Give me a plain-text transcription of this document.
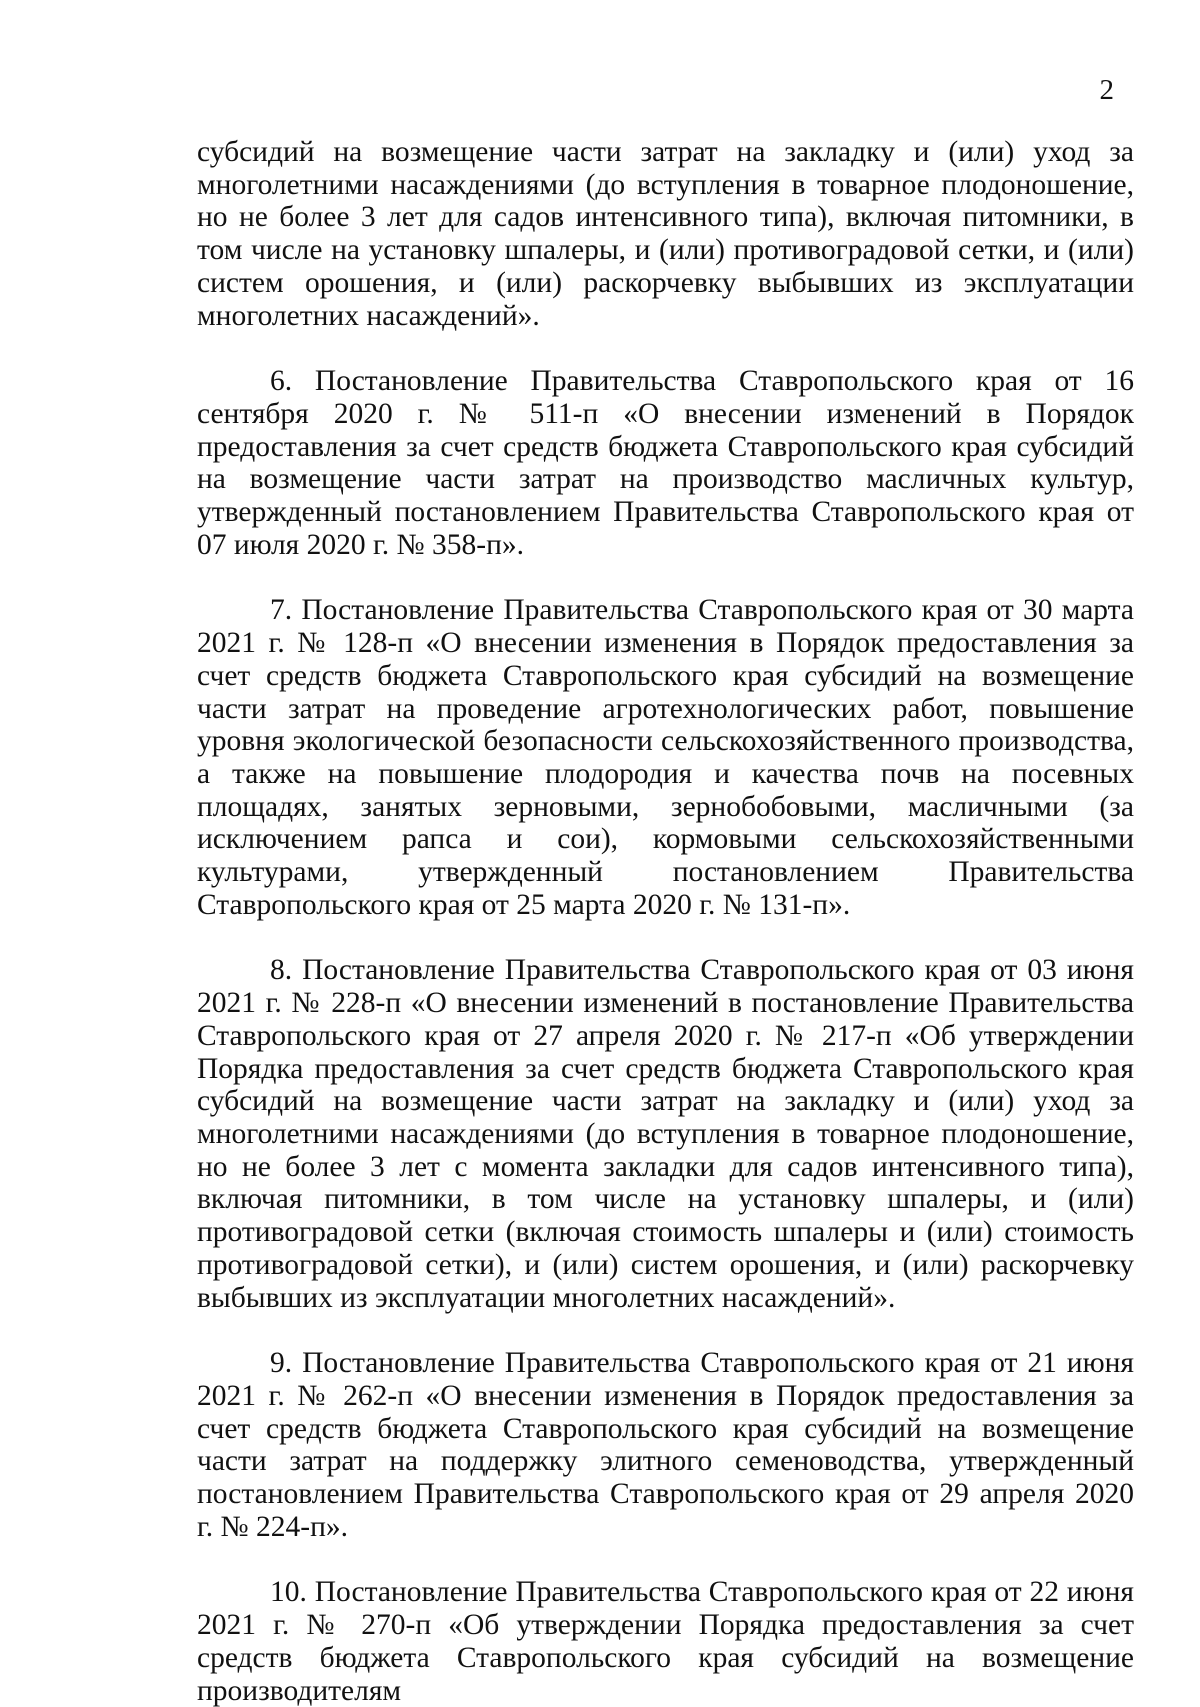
2

субсидий на возмещение части затрат на закладку и (или) уход за многолетними насаждениями (до вступления в товарное плодоношение, но не более 3 лет для садов интенсивного типа), включая питомники, в том числе на установку шпалеры, и (или) противоградовой сетки, и (или) систем орошения, и (или) раскорчевку выбывших из эксплуатации многолетних насаждений».

6. Постановление Правительства Ставропольского края от 16 сентября 2020 г. № 511-п «О внесении изменений в Порядок предоставления за счет средств бюджета Ставропольского края субсидий на возмещение части затрат на производство масличных культур, утвержденный постановлением Правительства Ставропольского края от 07 июля 2020 г. № 358-п».

7. Постановление Правительства Ставропольского края от 30 марта 2021 г. № 128-п «О внесении изменения в Порядок предоставления за счет средств бюджета Ставропольского края субсидий на возмещение части затрат на проведение агротехнологических работ, повышение уровня экологической безопасности сельскохозяйственного производства, а также на повышение плодородия и качества почв на посевных площадях, занятых зерновыми, зернобобовыми, масличными (за исключением рапса и сои), кормовыми сельскохозяйственными культурами, утвержденный постановлением Правительства Ставропольского края от 25 марта 2020 г. № 131-п».

8. Постановление Правительства Ставропольского края от 03 июня 2021 г. № 228-п «О внесении изменений в постановление Правительства Ставропольского края от 27 апреля 2020 г. № 217-п «Об утверждении Порядка предоставления за счет средств бюджета Ставропольского края субсидий на возмещение части затрат на закладку и (или) уход за многолетними насаждениями (до вступления в товарное плодоношение, но не более 3 лет с момента закладки для садов интенсивного типа), включая питомники, в том числе на установку шпалеры, и (или) противоградовой сетки (включая стоимость шпалеры и (или) стоимость противоградовой сетки), и (или) систем орошения, и (или) раскорчевку выбывших из эксплуатации многолетних насаждений».

9. Постановление Правительства Ставропольского края от 21 июня 2021 г. № 262-п «О внесении изменения в Порядок предоставления за счет средств бюджета Ставропольского края субсидий на возмещение части затрат на поддержку элитного семеноводства, утвержденный постановлением Правительства Ставропольского края от 29 апреля 2020 г. № 224-п».

10. Постановление Правительства Ставропольского края от 22 июня 2021 г. № 270-п «Об утверждении Порядка предоставления за счет средств бюджета Ставропольского края субсидий на возмещение производителям
